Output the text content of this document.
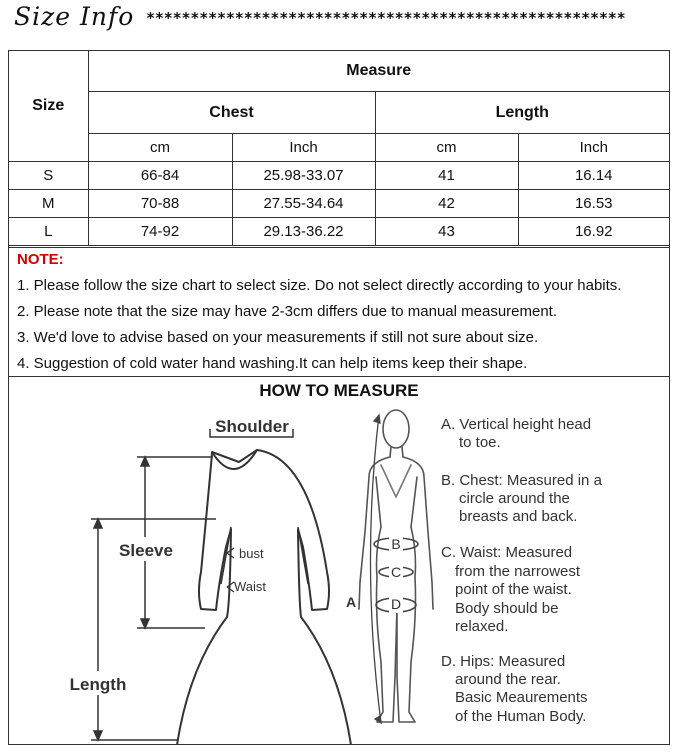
Size Info ******************************************************
Size	Measure			
	Chest		Length	
	cm	Inch	cm	Inch
S	66-84	25.98-33.07	41	16.14
M	70-88	27.55-34.64	42	16.53
L	74-92	29.13-36.22	43	16.92
NOTE:
1. Please follow the size chart to select size. Do not select directly according to your habits.
2. Please note that the size may have 2-3cm differs due to manual measurement.
3. We'd love to advise based on your measurements if still not sure about size.
4. Suggestion of cold water hand washing.It can help items keep their shape.
HOW TO MEASURE
Shoulder
Sleeve	bust
Waist
Length
B
C
D
A
A. Vertical height head
to toe.
B. Chest: Measured in a
circle around the
breasts and back.
C. Waist: Measured
from the narrowest
point of the waist.
Body should be
relaxed.
D. Hips: Measured
around the rear.
Basic Meaurements
of the Human Body.
